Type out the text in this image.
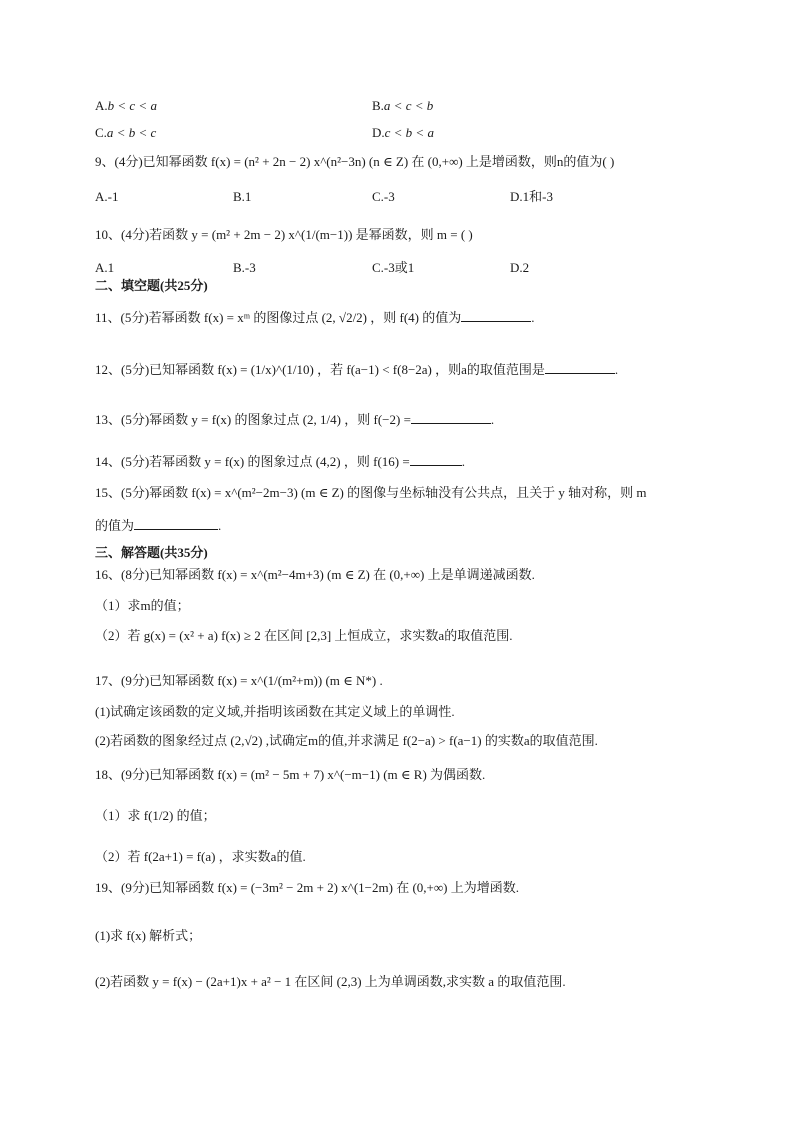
A.b < c < a	B.a < c < b
C.a < b < c	D.c < b < a
9、(4分)已知幂函数 f(x) = (n² + 2n − 2) x^(n²−3n) (n ∈ Z) 在 (0,+∞) 上是增函数，则n的值为( )
A.-1	B.1	C.-3	D.1和-3
10、(4分)若函数 y = (m² + 2m − 2) x^(1/(m−1)) 是幂函数，则 m = ( )
A.1	B.-3	C.-3或1	D.2
二、填空题(共25分)
11、(5分)若幂函数 f(x) = xᵐ 的图像过点 (2, √2/2) ，则 f(4) 的值为	.
12、(5分)已知幂函数 f(x) = (1/x)^(1/10) ，若 f(a−1) < f(8−2a) ，则a的取值范围是	.
13、(5分)幂函数 y = f(x) 的图象过点 (2, 1/4) ，则 f(−2) =	.
14、(5分)若幂函数 y = f(x) 的图象过点 (4,2) ，则 f(16) =	.
15、(5分)幂函数 f(x) = x^(m²−2m−3) (m ∈ Z) 的图像与坐标轴没有公共点，且关于 y 轴对称，则 m
的值为	.
三、解答题(共35分)
16、(8分)已知幂函数 f(x) = x^(m²−4m+3) (m ∈ Z) 在 (0,+∞) 上是单调递减函数.
（1）求m的值；
（2）若 g(x) = (x² + a) f(x) ≥ 2 在区间 [2,3] 上恒成立，求实数a的取值范围.
17、(9分)已知幂函数 f(x) = x^(1/(m²+m)) (m ∈ N*) .
(1)试确定该函数的定义域,并指明该函数在其定义域上的单调性.
(2)若函数的图象经过点 (2,√2) ,试确定m的值,并求满足 f(2−a) > f(a−1) 的实数a的取值范围.
18、(9分)已知幂函数 f(x) = (m² − 5m + 7) x^(−m−1) (m ∈ R) 为偶函数.
（1）求 f(1/2) 的值；
（2）若 f(2a+1) = f(a) ，求实数a的值.
19、(9分)已知幂函数 f(x) = (−3m² − 2m + 2) x^(1−2m) 在 (0,+∞) 上为增函数.
(1)求 f(x) 解析式；
(2)若函数 y = f(x) − (2a+1)x + a² − 1 在区间 (2,3) 上为单调函数,求实数 a 的取值范围.
